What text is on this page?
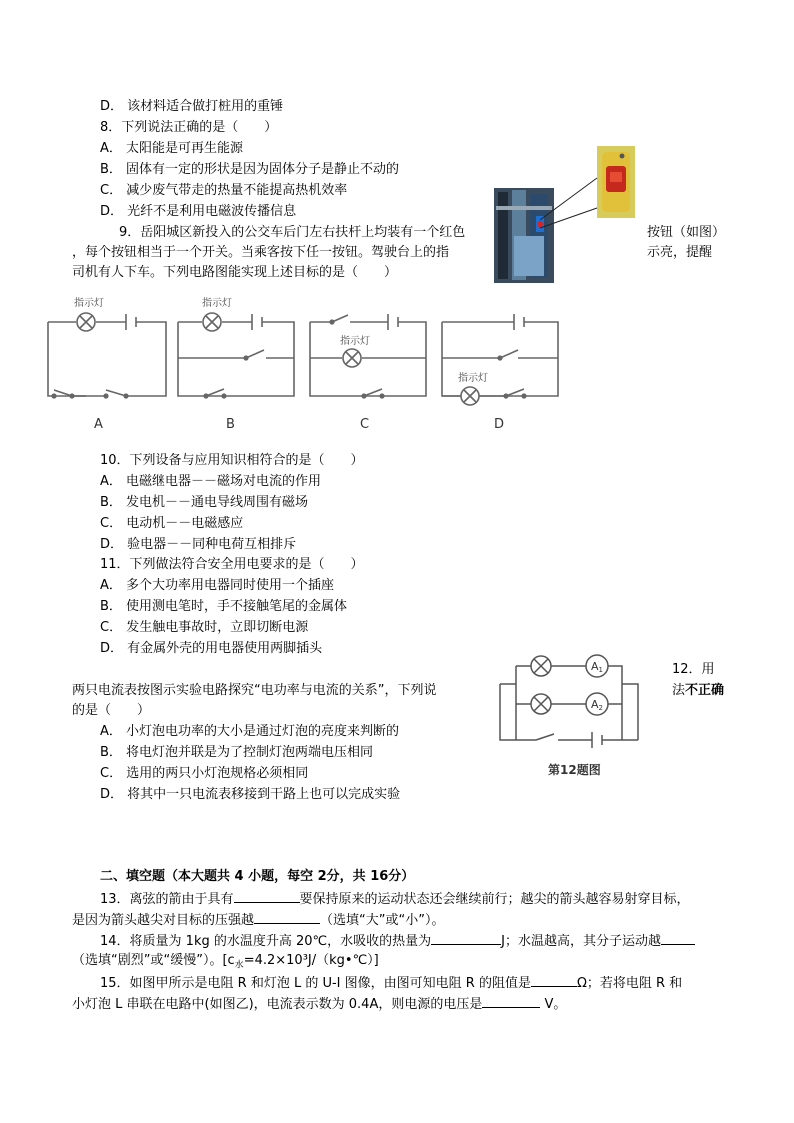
D． 该材料适合做打桩用的重锤
8．下列说法正确的是（　　）
A． 太阳能是可再生能源
B． 固体有一定的形状是因为固体分子是静止不动的
C． 减少废气带走的热量不能提高热机效率
D． 光纤不是利用电磁波传播信息
9．岳阳城区新投入的公交车后门左右扶杆上均装有一个红色	按钮（如图）
，每个按钮相当于一个开关。当乘客按下任一按钮。驾驶台上的指	示亮，提醒
司机有人下车。下列电路图能实现上述目标的是（　　）
指示灯	指示灯
指示灯
指示灯
A	B	C	D
10．下列设备与应用知识相符合的是（　　）
A． 电磁继电器－－磁场对电流的作用
B． 发电机－－通电导线周围有磁场
C． 电动机－－电磁感应
D． 验电器－－同种电荷互相排斥
11．下列做法符合安全用电要求的是（　　）
A． 多个大功率用电器同时使用一个插座
B． 使用测电笔时，手不接触笔尾的金属体
C． 发生触电事故时，立即切断电源
D． 有金属外壳的用电器使用两脚插头
12．用
法不正确
两只电流表按图示实验电路探究“电功率与电流的关系”，下列说
的是（　　）
A． 小灯泡电功率的大小是通过灯泡的亮度来判断的
B． 将电灯泡并联是为了控制灯泡两端电压相同
C． 选用的两只小灯泡规格必须相同
D． 将其中一只电流表移接到干路上也可以完成实验
A1
A2
第12题图
二、填空题（本大题共 4 小题，每空 2分，共 16分）
13．离弦的箭由于具有	要保持原来的运动状态还会继续前行；越尖的箭头越容易射穿目标，
是因为箭头越尖对目标的压强越	（选填“大”或“小”）。
14．将质量为 1kg 的水温度升高 20℃，水吸收的热量为	J；水温越高，其分子运动越
（选填“剧烈”或“缓慢”）。$[c_水=4.2\times 10^3J/(kg•℃)]$
15．如图甲所示是电阻 R 和灯泡 L 的 U-I 图像，由图可知电阻 R 的阻值是	Ω；若将电阻 R 和
小灯泡 L 串联在电路中(如图乙)，电流表示数为 0.4A，则电源的电压是	V。
